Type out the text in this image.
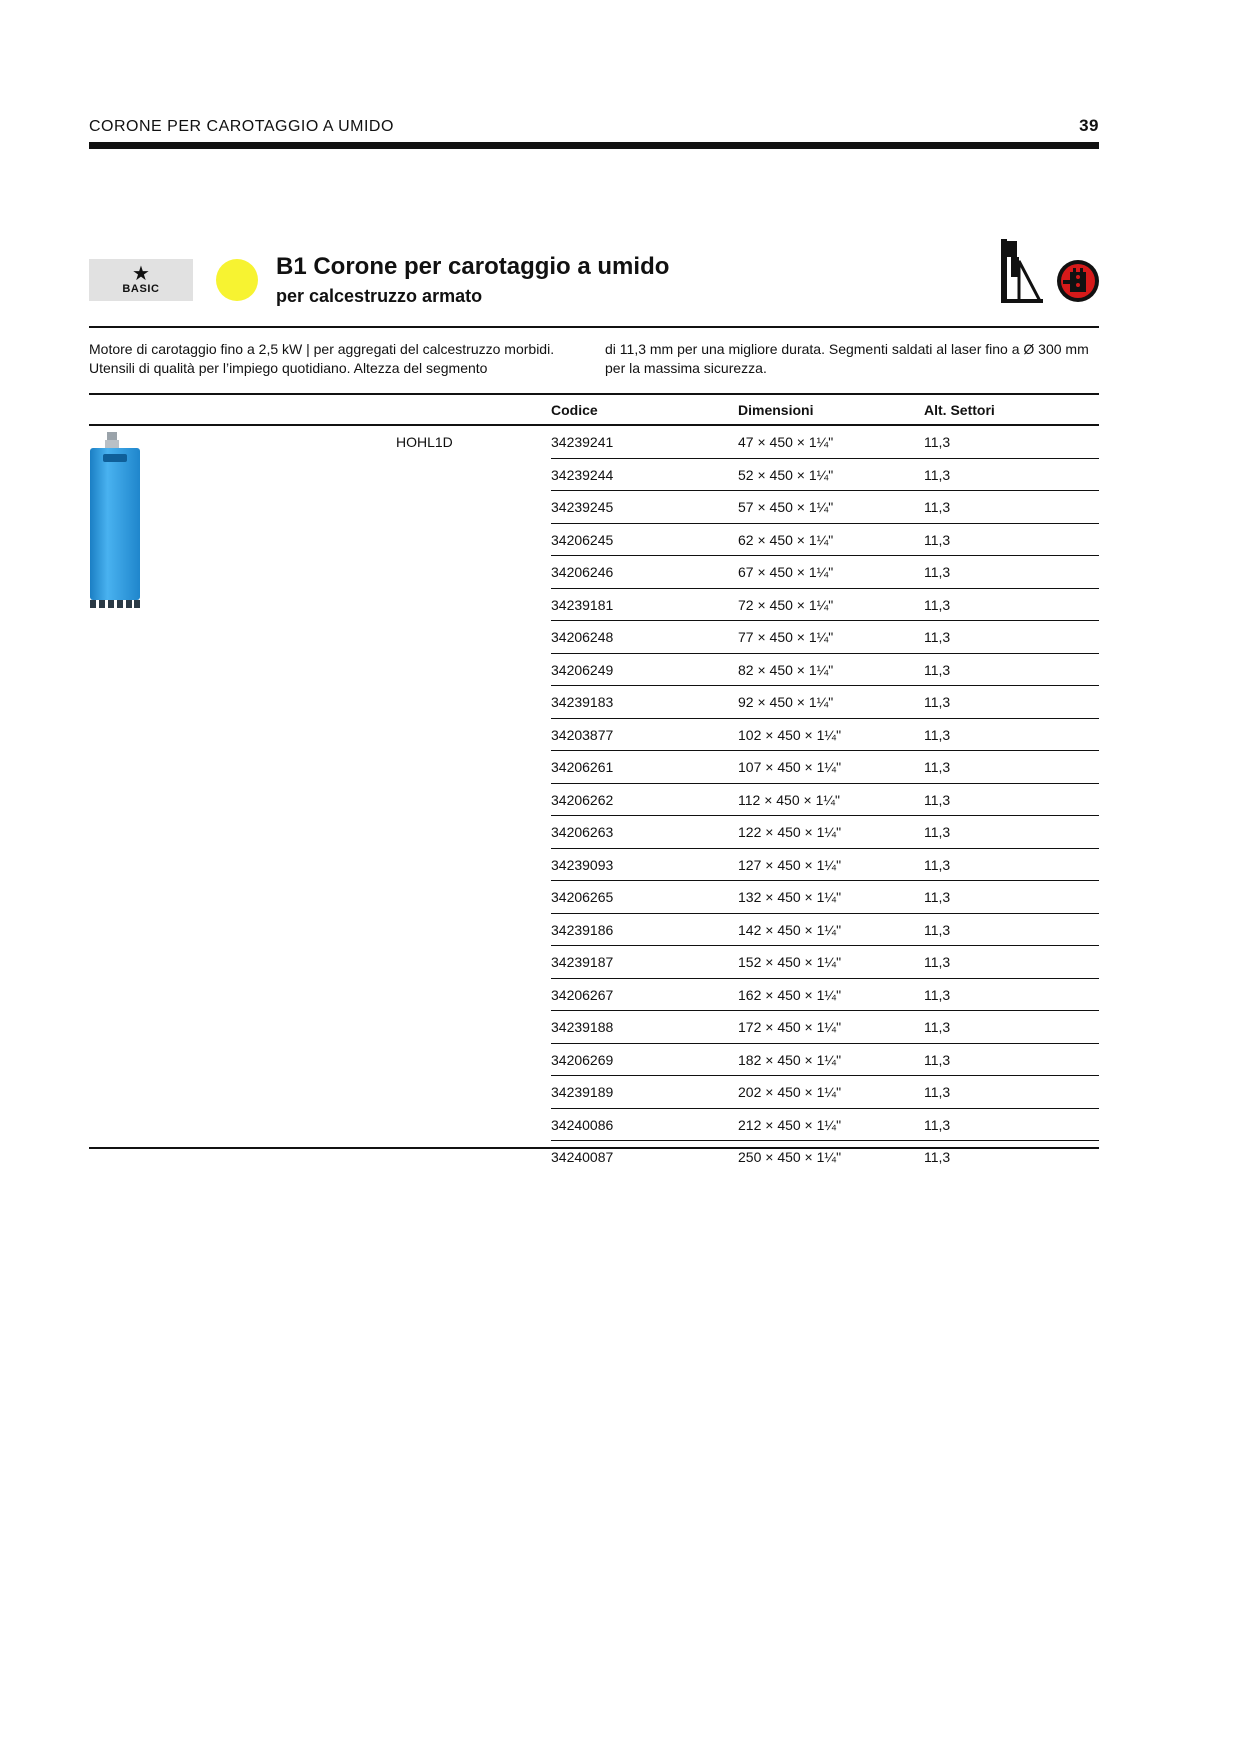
CORONE PER CAROTAGGIO A UMIDO	39
★
BASIC
B1 Corone per carotaggio a umido
per calcestruzzo armato
Motore di carotaggio fino a 2,5 kW | per aggregati del calcestruzzo morbidi. Utensili di qualità per l’impiego quotidiano. Altezza del segmento
di 11,3 mm per una migliore durata. Segmenti saldati al laser fino a Ø 300 mm per la massima sicurezza.
Codice	Dimensioni	Alt. Settori
HOHL1D	34239241	47 × 450 × 1¼"	11,3
34239244	52 × 450 × 1¼"	11,3
34239245	57 × 450 × 1¼"	11,3
34206245	62 × 450 × 1¼"	11,3
34206246	67 × 450 × 1¼"	11,3
34239181	72 × 450 × 1¼"	11,3
34206248	77 × 450 × 1¼"	11,3
34206249	82 × 450 × 1¼"	11,3
34239183	92 × 450 × 1¼"	11,3
34203877	102 × 450 × 1¼"	11,3
34206261	107 × 450 × 1¼"	11,3
34206262	112 × 450 × 1¼"	11,3
34206263	122 × 450 × 1¼"	11,3
34239093	127 × 450 × 1¼"	11,3
34206265	132 × 450 × 1¼"	11,3
34239186	142 × 450 × 1¼"	11,3
34239187	152 × 450 × 1¼"	11,3
34206267	162 × 450 × 1¼"	11,3
34239188	172 × 450 × 1¼"	11,3
34206269	182 × 450 × 1¼"	11,3
34239189	202 × 450 × 1¼"	11,3
34240086	212 × 450 × 1¼"	11,3
34240087	250 × 450 × 1¼"	11,3
